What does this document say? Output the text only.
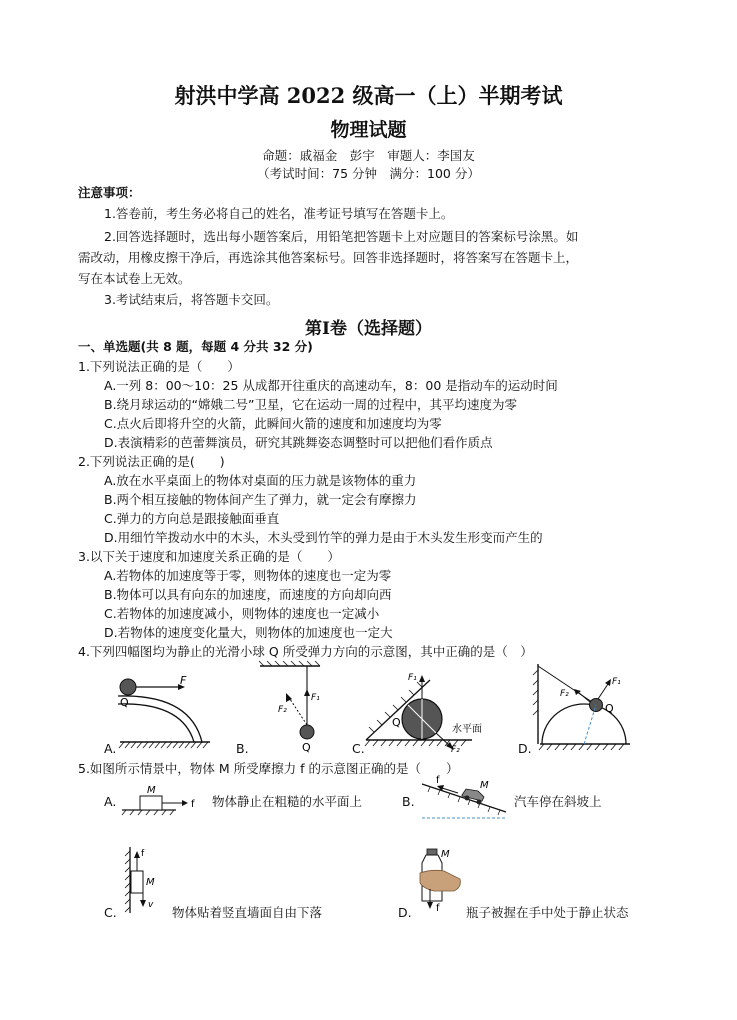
射洪中学高 2022 级高一（上）半期考试
物理试题
命题：戚福金　彭宇　审题人：李国友
（考试时间：75 分钟　满分：100 分）
注意事项：
1.答卷前，考生务必将自己的姓名，准考证号填写在答题卡上。
2.回答选择题时，选出每小题答案后，用铅笔把答题卡上对应题目的答案标号涂黑。如
需改动，用橡皮擦干净后，再选涂其他答案标号。回答非选择题时，将答案写在答题卡上，
写在本试卷上无效。
3.考试结束后，将答题卡交回。
第Ⅰ卷（选择题）
一、单选题(共 8 题，每题 4 分共 32 分)
1.下列说法正确的是（　　）
A.一列 8：00～10：25 从成都开往重庆的高速动车，8：00 是指动车的运动时间
B.绕月球运动的“嫦娥二号”卫星，它在运动一周的过程中，其平均速度为零
C.点火后即将升空的火箭，此瞬间火箭的速度和加速度均为零
D.表演精彩的芭蕾舞演员，研究其跳舞姿态调整时可以把他们看作质点
2.下列说法正确的是(　　)
A.放在水平桌面上的物体对桌面的压力就是该物体的重力
B.两个相互接触的物体间产生了弹力，就一定会有摩擦力
C.弹力的方向总是跟接触面垂直
D.用细竹竿拨动水中的木头，木头受到竹竿的弹力是由于木头发生形变而产生的
3.以下关于速度和加速度关系正确的是（　　）
A.若物体的加速度等于零，则物体的速度也一定为零
B.物体可以具有向东的加速度，而速度的方向却向西
C.若物体的加速度减小，则物体的速度也一定减小
D.若物体的速度变化量大，则物体的加速度也一定大
4.下列四幅图均为静止的光滑小球 Q 所受弹力方向的示意图，其中正确的是（　）
F
Q
A.
F₁
F₂
Q
B.
F₁
F₂
Q
水平面
C.
F₁
F₂
Q
D.
5.如图所示情景中，物体 M 所受摩擦力 f 的示意图正确的是（　　）
A.
M
f 物体静止在粗糙的水平面上	B.
f	M
汽车停在斜坡上
C.
f
M
v 物体贴着竖直墙面自由下落	D.
M
f 瓶子被握在手中处于静止状态
